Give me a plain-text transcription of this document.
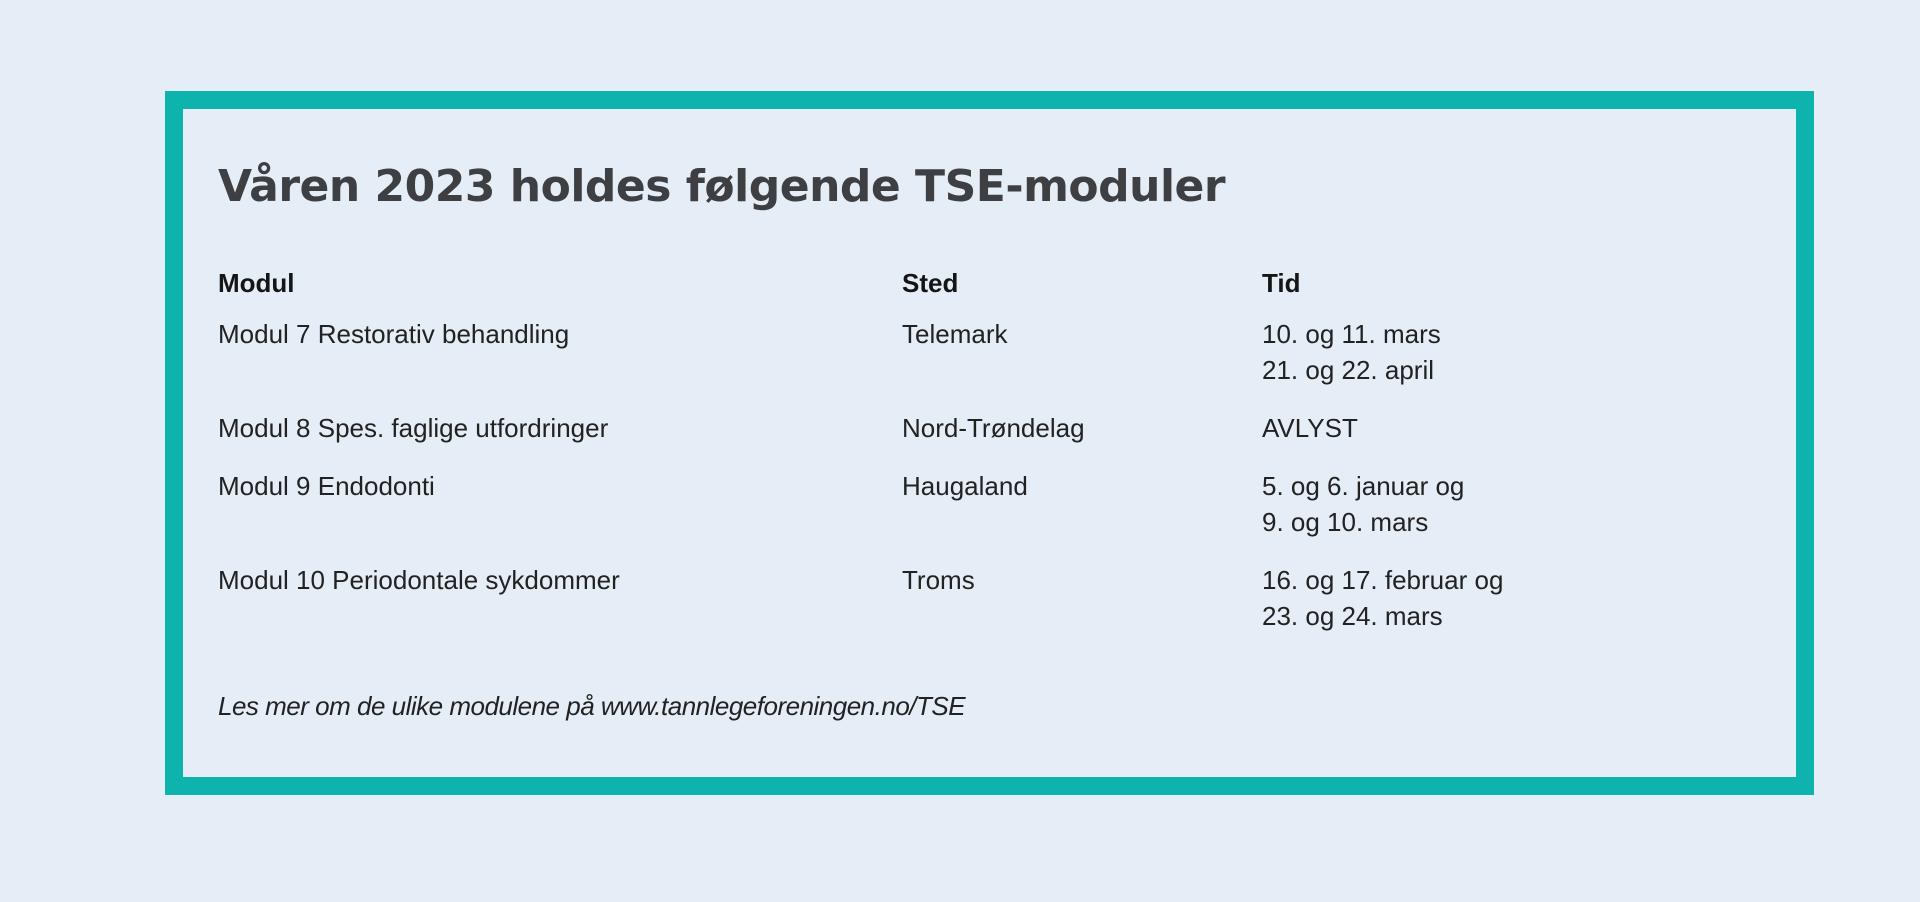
Våren 2023 holdes følgende TSE-moduler
Modul	Sted	Tid
Modul 7 Restorativ behandling	Telemark	10. og 11. mars
21. og 22. april
Modul 8 Spes. faglige utfordringer	Nord-Trøndelag	AVLYST
Modul 9 Endodonti	Haugaland	5. og 6. januar og
9. og 10. mars
Modul 10 Periodontale sykdommer	Troms	16. og 17. februar og
23. og 24. mars

Les mer om de ulike modulene på www.tannlegeforeningen.no/TSE
